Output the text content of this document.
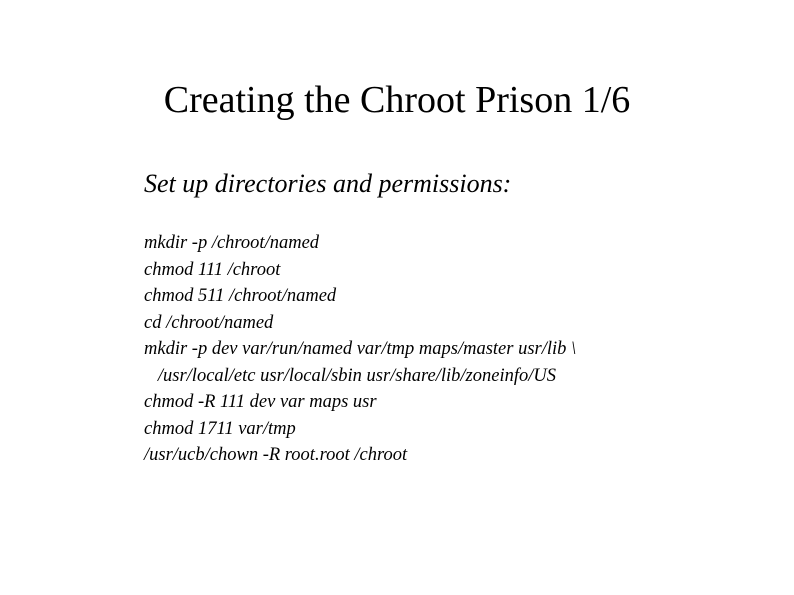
Creating the Chroot Prison 1/6

Set up directories and permissions:

mkdir -p /chroot/named
chmod 111 /chroot
chmod 511 /chroot/named
cd /chroot/named
mkdir -p dev var/run/named var/tmp maps/master usr/lib \
/usr/local/etc usr/local/sbin usr/share/lib/zoneinfo/US
chmod -R 111 dev var maps usr
chmod 1711 var/tmp
/usr/ucb/chown -R root.root /chroot
